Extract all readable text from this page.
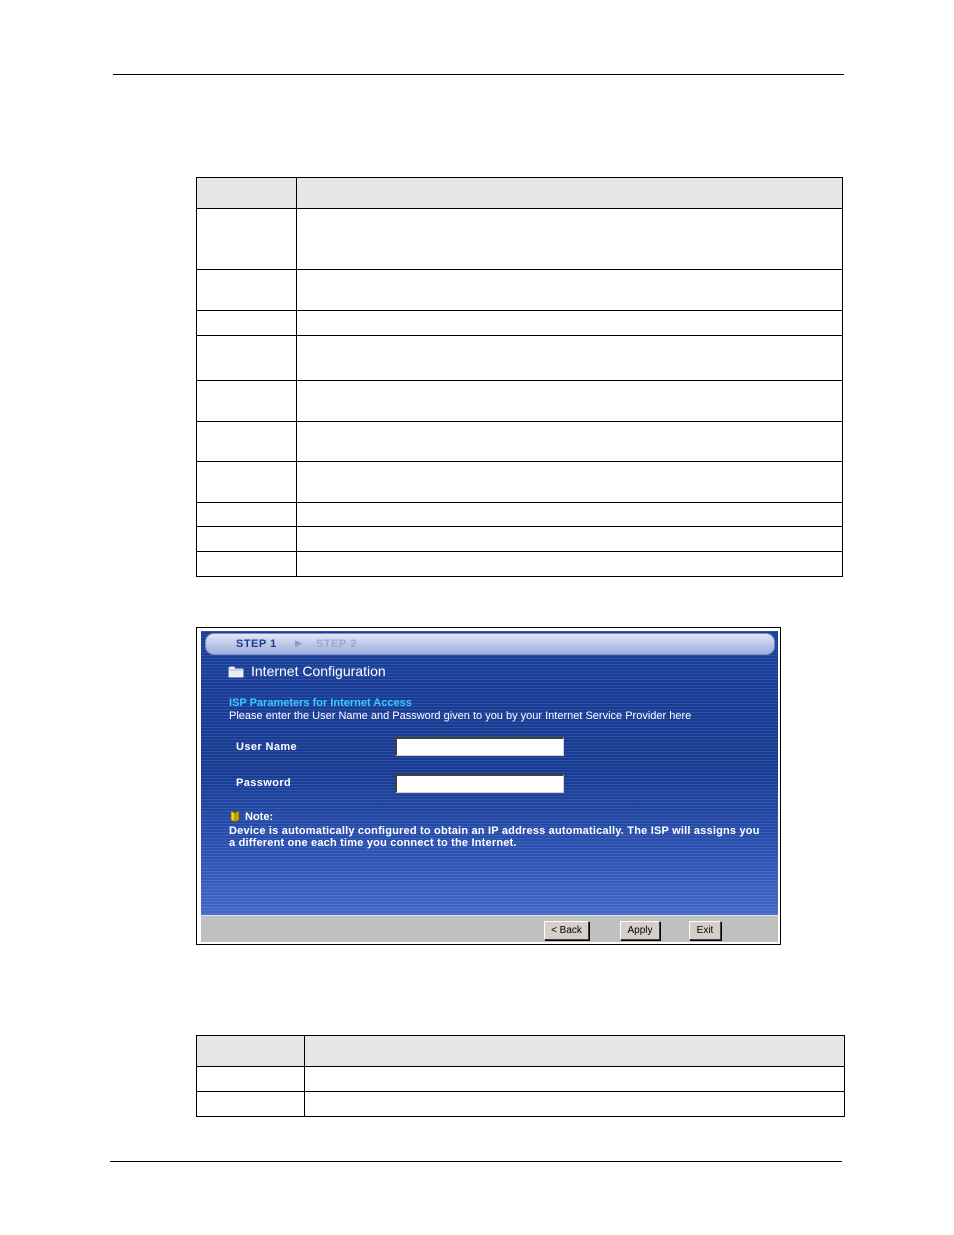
STEP 1 ▶ STEP 2
Internet Configuration
ISP Parameters for Internet Access
Please enter the User Name and Password given to you by your Internet Service Provider here
User Name
Password
Note:
Device is automatically configured to obtain an IP address automatically. The ISP will assigns you a different one each time you connect to the Internet.
< Back	Apply	Exit
